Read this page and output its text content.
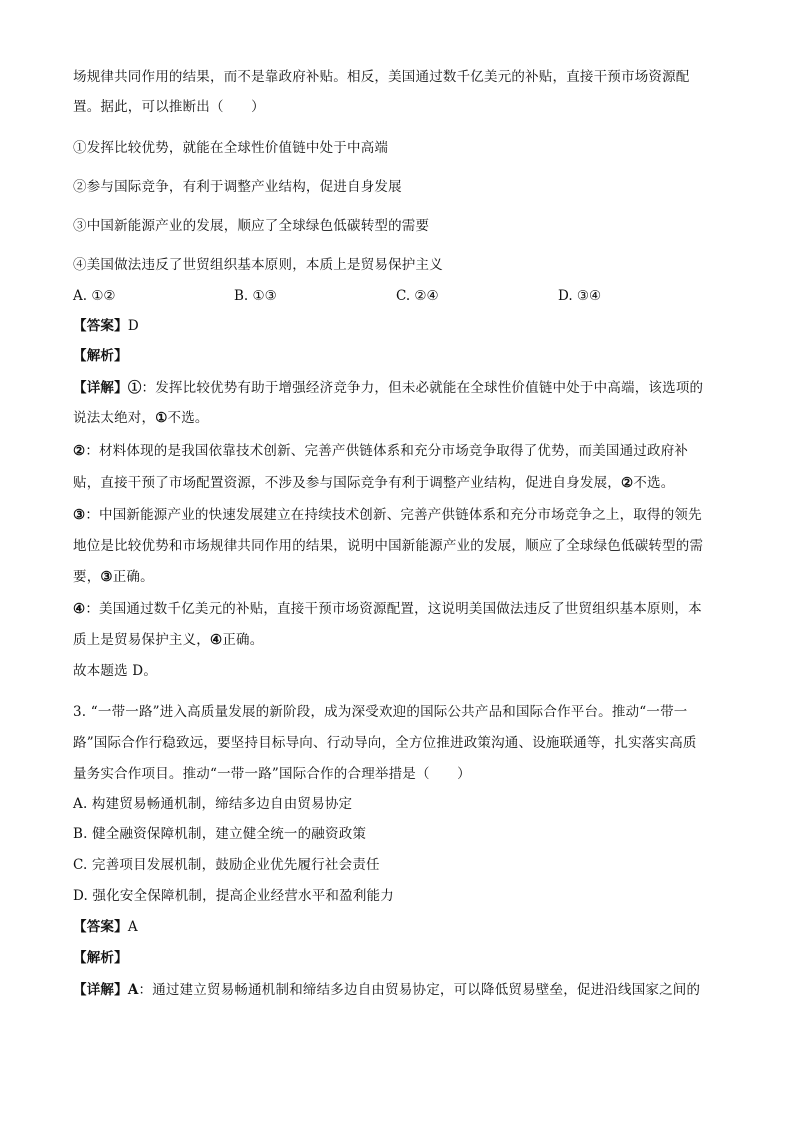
场规律共同作用的结果，而不是靠政府补贴。相反，美国通过数千亿美元的补贴，直接干预市场资源配
置。据此，可以推断出（　　）
①发挥比较优势，就能在全球性价值链中处于中高端
②参与国际竞争，有利于调整产业结构，促进自身发展
③中国新能源产业的发展，顺应了全球绿色低碳转型的需要
④美国做法违反了世贸组织基本原则，本质上是贸易保护主义
A. ①②	B. ①③	C. ②④	D. ③④
【答案】D
【解析】
【详解】①：发挥比较优势有助于增强经济竞争力，但未必就能在全球性价值链中处于中高端，该选项的
说法太绝对，①不选。
②：材料体现的是我国依靠技术创新、完善产供链体系和充分市场竞争取得了优势，而美国通过政府补
贴，直接干预了市场配置资源，不涉及参与国际竞争有利于调整产业结构，促进自身发展，②不选。
③：中国新能源产业的快速发展建立在持续技术创新、完善产供链体系和充分市场竞争之上，取得的领先
地位是比较优势和市场规律共同作用的结果，说明中国新能源产业的发展，顺应了全球绿色低碳转型的需
要，③正确。
④：美国通过数千亿美元的补贴，直接干预市场资源配置，这说明美国做法违反了世贸组织基本原则，本
质上是贸易保护主义，④正确。
故本题选 D。
3. “一带一路”进入高质量发展的新阶段，成为深受欢迎的国际公共产品和国际合作平台。推动“一带一
路”国际合作行稳致远，要坚持目标导向、行动导向，全方位推进政策沟通、设施联通等，扎实落实高质
量务实合作项目。推动“一带一路”国际合作的合理举措是（　　）
A. 构建贸易畅通机制，缔结多边自由贸易协定
B. 健全融资保障机制，建立健全统一的融资政策
C. 完善项目发展机制，鼓励企业优先履行社会责任
D. 强化安全保障机制，提高企业经营水平和盈利能力
【答案】A
【解析】
【详解】A：通过建立贸易畅通机制和缔结多边自由贸易协定，可以降低贸易壁垒，促进沿线国家之间的
